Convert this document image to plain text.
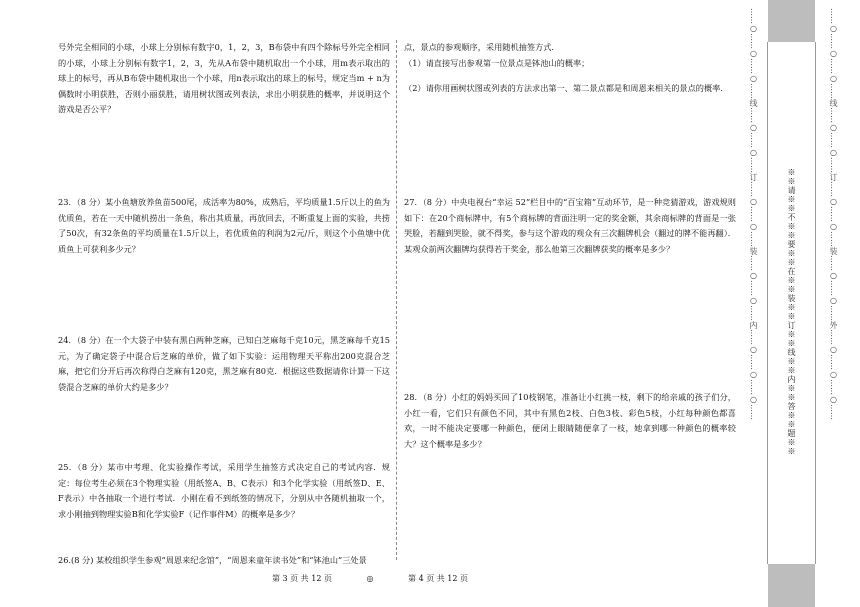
号外完全相同的小球，小球上分别标有数字0，1，2，3，B布袋中有四个除标号外完全相同的小球，小球上分别标有数字1，2，3，先从A布袋中随机取出一个小球，用m表示取出的球上的标号，再从B布袋中随机取出一个小球，用n表示取出的球上的标号，规定当m + n为偶数时小明获胜，否则小丽获胜，请用树状图或列表法，求出小明获胜的概率，并说明这个游戏是否公平？
23．（8 分）某小鱼塘放养鱼苗500尾，成活率为80%，成熟后，平均质量1.5斤以上的鱼为优质鱼，若在一天中随机捞出一条鱼，称出其质量，再放回去，不断重复上面的实验，共捞了50次，有32条鱼的平均质量在1.5斤以上，若优质鱼的利润为2元/斤，则这个小鱼塘中优质鱼上可获利多少元？
24．（8 分）在一个大袋子中装有黑白两种芝麻，已知白芝麻每千克10元，黑芝麻每千克15元，为了确定袋子中混合后芝麻的单价，做了如下实验：运用物理天平称出200克混合芝麻，把它们分开后再次称得白芝麻有120克，黑芝麻有80克．根据这些数据请你计算一下这袋混合芝麻的单价大约是多少？
25．（8 分）某市中考理、化实验操作考试，采用学生抽签方式决定自己的考试内容．规定：每位考生必须在3个物理实验（用纸签A、B、C表示）和3个化学实验（用纸签D、E、F表示）中各抽取一个进行考试．小刚在看不到纸签的情况下，分别从中各随机抽取一个，求小刚抽到物理实验B和化学实验F（记作事件M）的概率是多少？
26.(8 分) 某校组织学生参观“周恩来纪念馆”，“周恩来童年读书处”和“钵池山”三处景
点，景点的参观顺序，采用随机抽签方式．
（1）请直接写出参观第一位景点是钵池山的概率；
（2）请你用画树状图或列表的方法求出第一、第二景点都是和周恩来相关的景点的概率．
27．（8 分）中央电视台“幸运 52”栏目中的“百宝箱”互动环节，是一种竞猜游戏，游戏规则如下：在20个商标牌中，有5个商标牌的背面注明一定的奖金额，其余商标牌的背面是一张哭脸，若翻到哭脸，就不得奖，参与这个游戏的观众有三次翻牌机会（翻过的牌不能再翻）．某观众前两次翻牌均获得若干奖金，那么他第三次翻牌获奖的概率是多少？
28．（8 分）小红的妈妈买回了10枝钢笔，准备让小红挑一枝，剩下的给亲戚的孩子们分，小红一看，它们只有颜色不同，其中有黑色2枝、白色3枝、彩色5枝，小红每种颜色都喜欢，一时不能决定要哪一种颜色，便闭上眼睛随便拿了一枝，她拿到哪一种颜色的概率较大？这个概率是多少？
第 3 页 共 12 页	◎	第 4 页 共 12 页
……○……○……○……线……○……○……订……○……○……装……○……○……内……○……○……○……	※※请※※不※※要※※在※※装※※订※※线※※内※※答※※题※※
……○……○……○……线……○……○……订……○……○……装……○……○……外……○……○……○……
